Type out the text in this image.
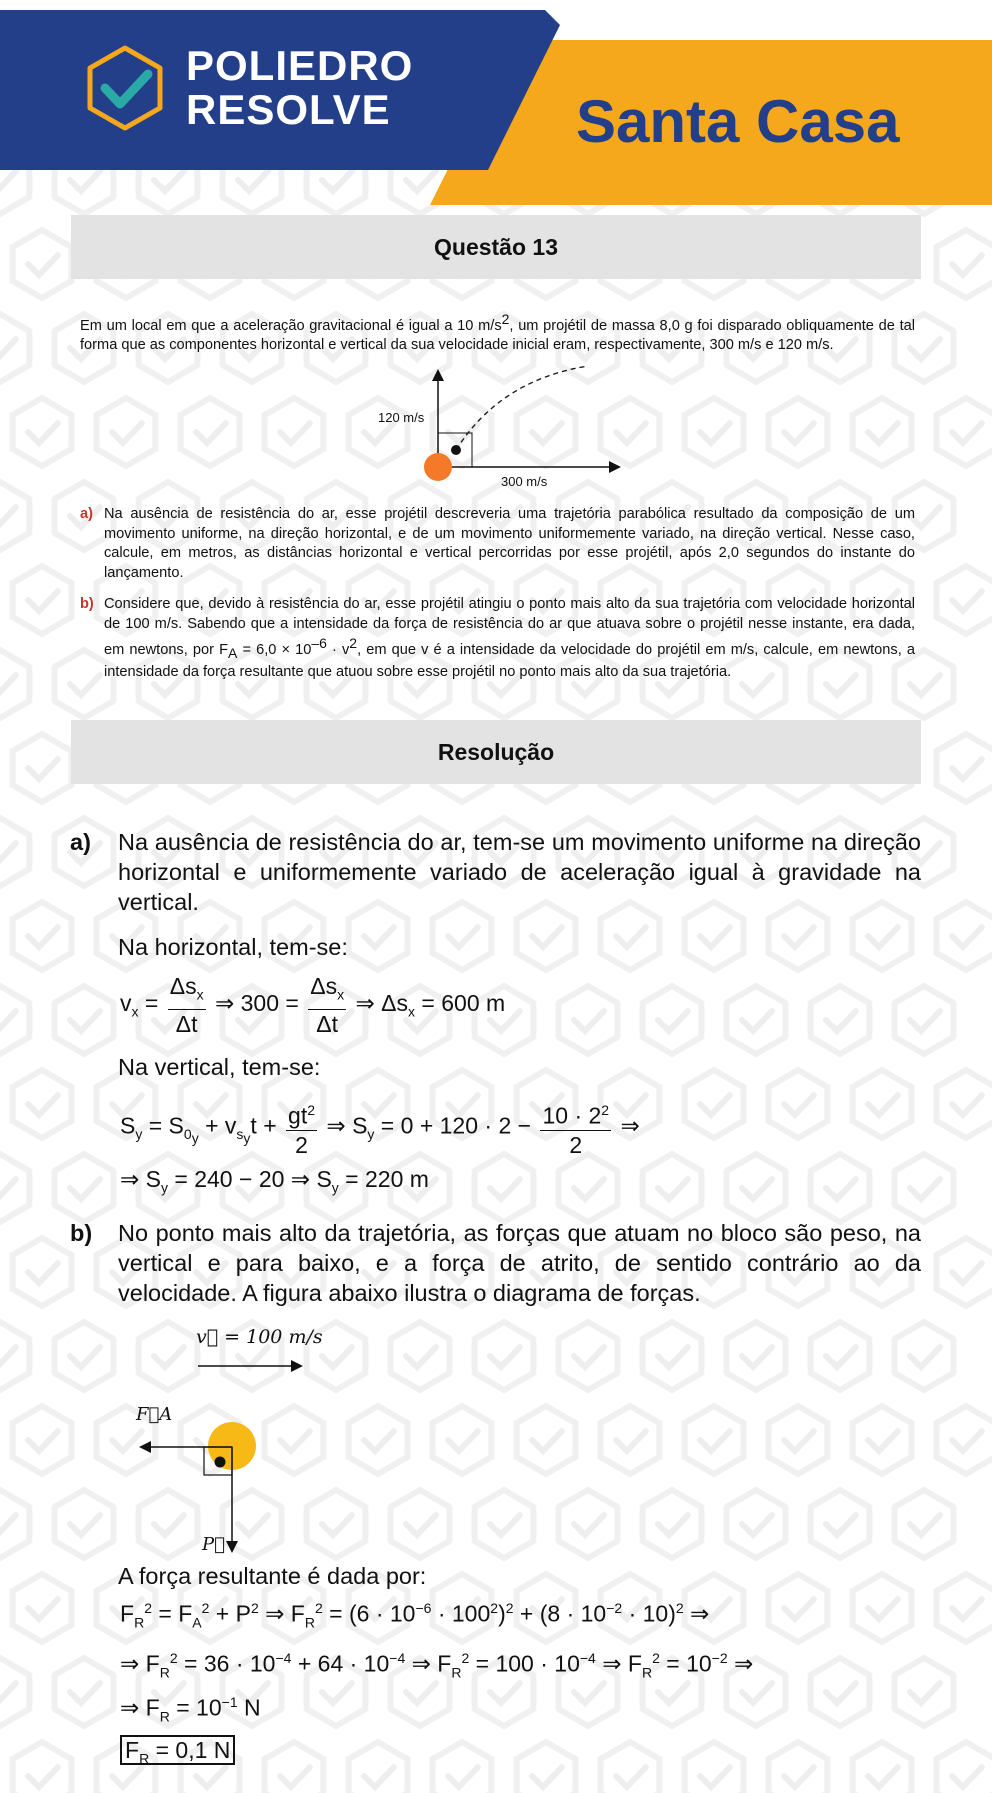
POLIEDRO
RESOLVE	Santa Casa
Questão 13
Em um local em que a aceleração gravitacional é igual a 10 $m/s^2$, um projétil de massa 8,0 g foi disparado obliquamente de tal forma que as componentes horizontal e vertical da sua velocidade inicial eram, respectivamente, 300 m/s e 120 m/s.
120 m/s
300 m/s
a) Na ausência de resistência do ar, esse projétil descreveria uma trajetória parabólica resultado da composição de um movimento uniforme, na direção horizontal, e de um movimento uniformemente variado, na direção vertical. Nesse caso, calcule, em metros, as distâncias horizontal e vertical percorridas por esse projétil, após 2,0 segundos do instante do lançamento.
b) Considere que, devido à resistência do ar, esse projétil atingiu o ponto mais alto da sua trajetória com velocidade horizontal de 100 m/s. Sabendo que a intensidade da força de resistência do ar que atuava sobre o projétil nesse instante, era dada, em newtons, por $F_A = 6,0 \times 10^{-6} \cdot v^2$, em que v é a intensidade da velocidade do projétil em m/s, calcule, em newtons, a intensidade da força resultante que atuou sobre esse projétil no ponto mais alto da sua trajetória.
Resolução
a) Na ausência de resistência do ar, tem-se um movimento uniforme na direção horizontal e uniformemente variado de aceleração igual à gravidade na vertical.
Na horizontal, tem-se:
$v_x = \frac{\Delta s_x}{\Delta t}$ ⇒ $300 = \frac{\Delta s_x}{\Delta t}$ ⇒ $\Delta s_x = 600$ m
Na vertical, tem-se:
$S_y = S_{0_y} + v_{s_y}t + \frac{gt^2}{2}$ ⇒ $S_y = 0 + 120 \cdot 2 - \frac{10 \cdot 2^2}{2}$ ⇒
⇒ $S_y = 240 - 20$ ⇒ $S_y = 220$ m
b) No ponto mais alto da trajetória, as forças que atuam no bloco são peso, na vertical e para baixo, e a força de atrito, de sentido contrário ao da velocidade. A figura abaixo ilustra o diagrama de forças.
v⃗ = 100 m/s
F⃗A
P⃗
A força resultante é dada por:
$F_R^2 = F_A^2 + P^2$ ⇒ $F_R^2 = (6 \cdot 10^{-6} \cdot 100^2)^2 + (8 \cdot 10^{-2} \cdot 10)^2$ ⇒
⇒ $F_R^2 = 36 \cdot 10^{-4} + 64 \cdot 10^{-4}$ ⇒ $F_R^2 = 100 \cdot 10^{-4}$ ⇒ $F_R^2 = 10^{-2}$ ⇒
⇒ $F_R = 10^{-1}$ N
$F_R = 0,1$ N
